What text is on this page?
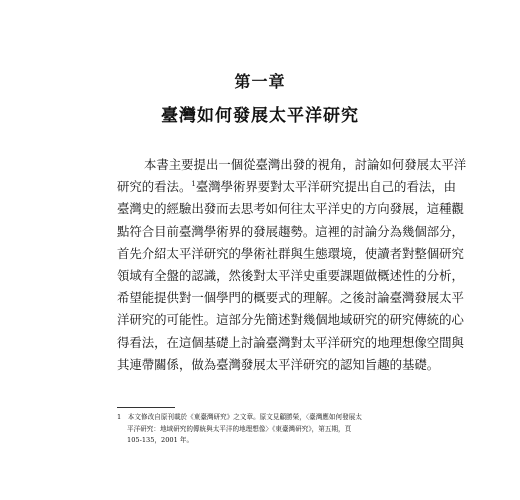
第一章
臺灣如何發展太平洋研究
本書主要提出一個從臺灣出發的視角，討論如何發展太平洋
研究的看法。$^1$臺灣學術界要對太平洋研究提出自己的看法，由
臺灣史的經驗出發而去思考如何往太平洋史的方向發展，這種觀
點符合目前臺灣學術界的發展趨勢。這裡的討論分為幾個部分，
首先介紹太平洋研究的學術社群與生態環境，使讀者對整個研究
領域有全盤的認識，然後對太平洋史重要課題做概述性的分析，
希望能提供對一個學門的概要式的理解。之後討論臺灣發展太平
洋研究的可能性。這部分先簡述對幾個地域研究的研究傳統的心
得看法，在這個基礎上討論臺灣對太平洋研究的地理想像空間與
其連帶關係，做為臺灣發展太平洋研究的認知旨趣的基礎。
1　本文修改自原刊載於《東臺灣研究》之文章。原文見顧勝榮，〈臺灣應如何發展太
平洋研究：地域研究的傳統與太平洋的地理想像〉《東臺灣研究》，第五期，頁
105-135，2001 年。
